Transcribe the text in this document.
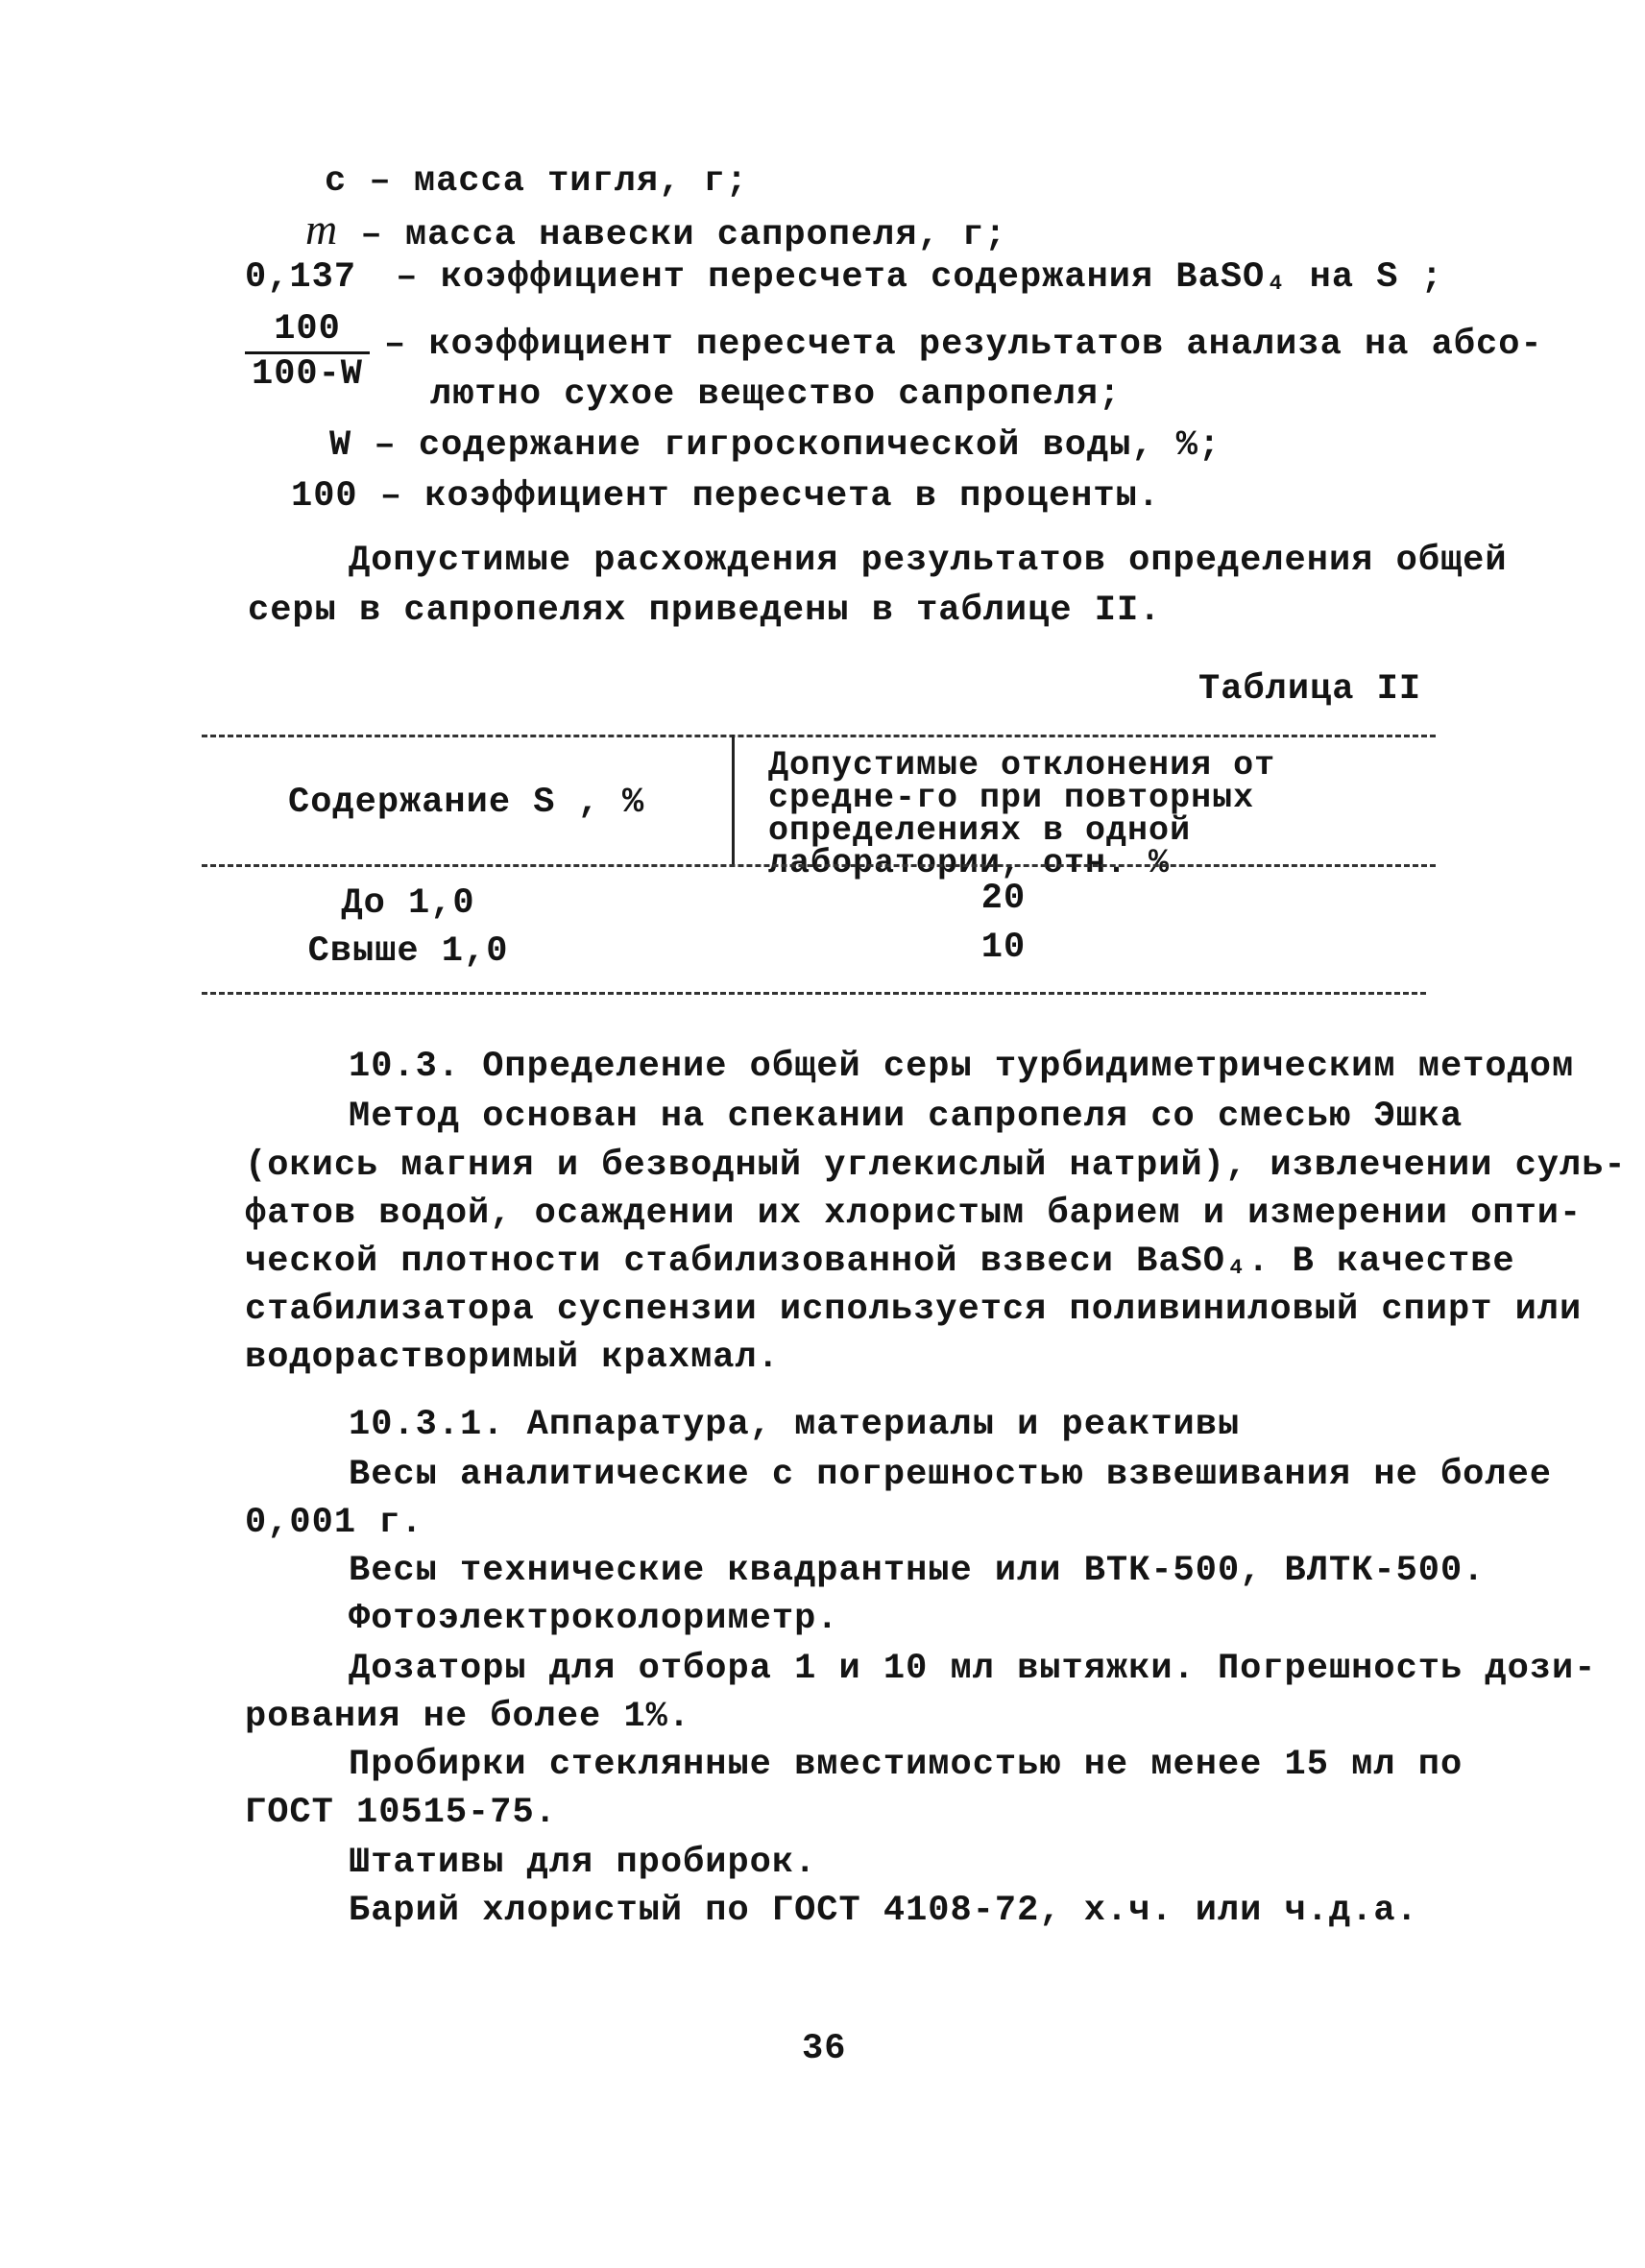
c – масса тигля, г;
m – масса навески сапропеля, г;
0,137 – коэффициент пересчета содержания BaSO₄ на S ;
$\frac{100}{100-W}$ – коэффициент пересчета результатов анализа на абсо-
лютно сухое вещество сапропеля;
W – содержание гигроскопической воды, %;
100 – коэффициент пересчета в проценты.
Допустимые расхождения результатов определения общей
серы в сапропелях приведены в таблице II.
Таблица II
Содержание S , %
Допустимые отклонения от средне-го при повторных определениях в одной лаборатории, отн. %
До 1,0	20
Свыше 1,0	10
10.3. Определение общей серы турбидиметрическим методом
Метод основан на спекании сапропеля со смесью Эшка
(окись магния и безводный углекислый натрий), извлечении суль-
фатов водой, осаждении их хлористым барием и измерении опти-
ческой плотности стабилизованной взвеси BaSO₄. В качестве
стабилизатора суспензии используется поливиниловый спирт или
водорастворимый крахмал.
10.3.1. Аппаратура, материалы и реактивы
Весы аналитические с погрешностью взвешивания не более
0,001 г.
Весы технические квадрантные или ВТК-500, ВЛТК-500.
Фотоэлектроколориметр.
Дозаторы для отбора 1 и 10 мл вытяжки. Погрешность дози-
рования не более 1%.
Пробирки стеклянные вместимостью не менее 15 мл по
ГОСТ 10515-75.
Штативы для пробирок.
Барий хлористый по ГОСТ 4108-72, х.ч. или ч.д.а.
36
